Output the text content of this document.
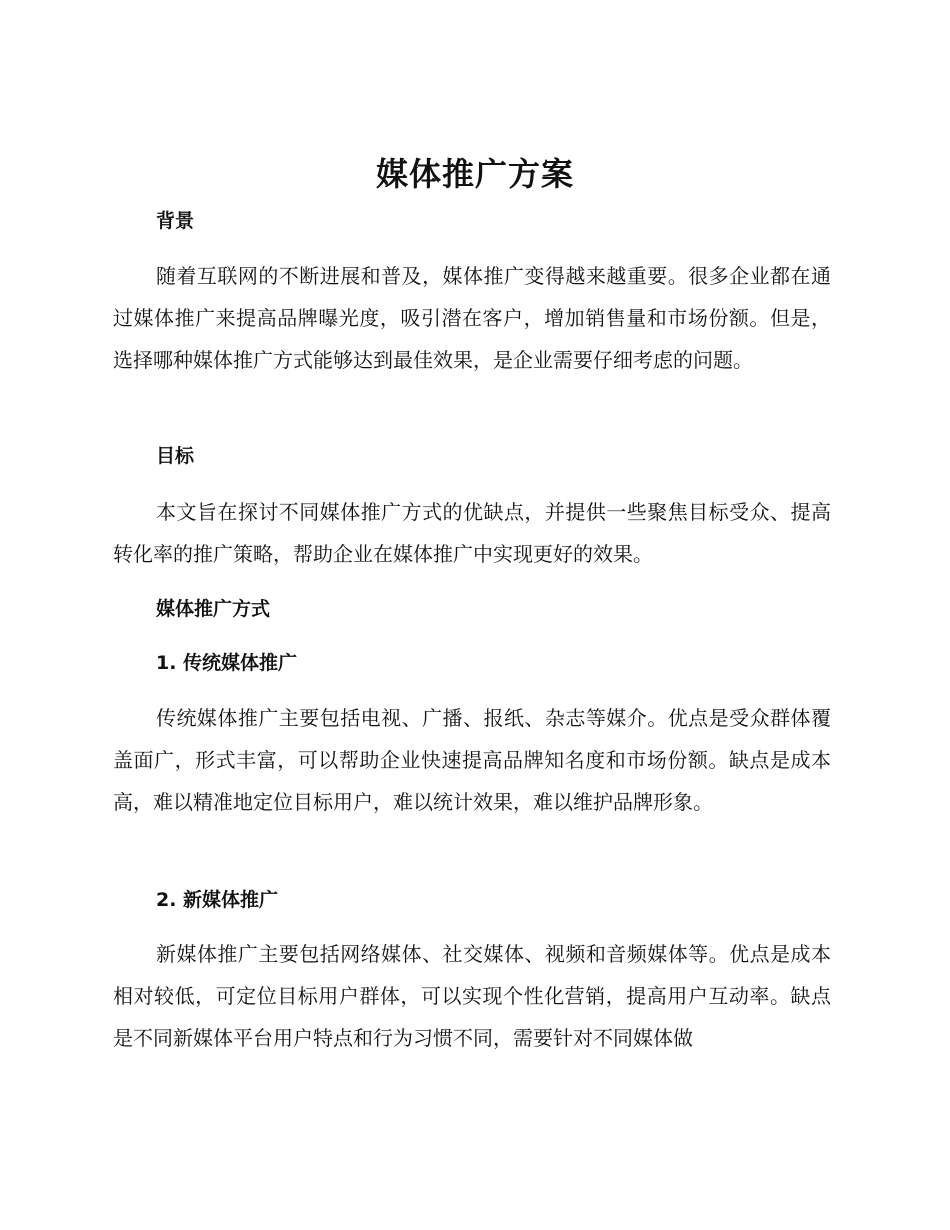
媒体推广方案
背景

随着互联网的不断进展和普及，媒体推广变得越来越重要。很多企业都在通过媒体推广来提高品牌曝光度，吸引潜在客户，增加销售量和市场份额。但是，选择哪种媒体推广方式能够达到最佳效果，是企业需要仔细考虑的问题。

目标

本文旨在探讨不同媒体推广方式的优缺点，并提供一些聚焦目标受众、提高转化率的推广策略，帮助企业在媒体推广中实现更好的效果。

媒体推广方式
1. 传统媒体推广

传统媒体推广主要包括电视、广播、报纸、杂志等媒介。优点是受众群体覆盖面广，形式丰富，可以帮助企业快速提高品牌知名度和市场份额。缺点是成本高，难以精准地定位目标用户，难以统计效果，难以维护品牌形象。

2. 新媒体推广

新媒体推广主要包括网络媒体、社交媒体、视频和音频媒体等。优点是成本相对较低，可定位目标用户群体，可以实现个性化营销，提高用户互动率。缺点是不同新媒体平台用户特点和行为习惯不同，需要针对不同媒体做
